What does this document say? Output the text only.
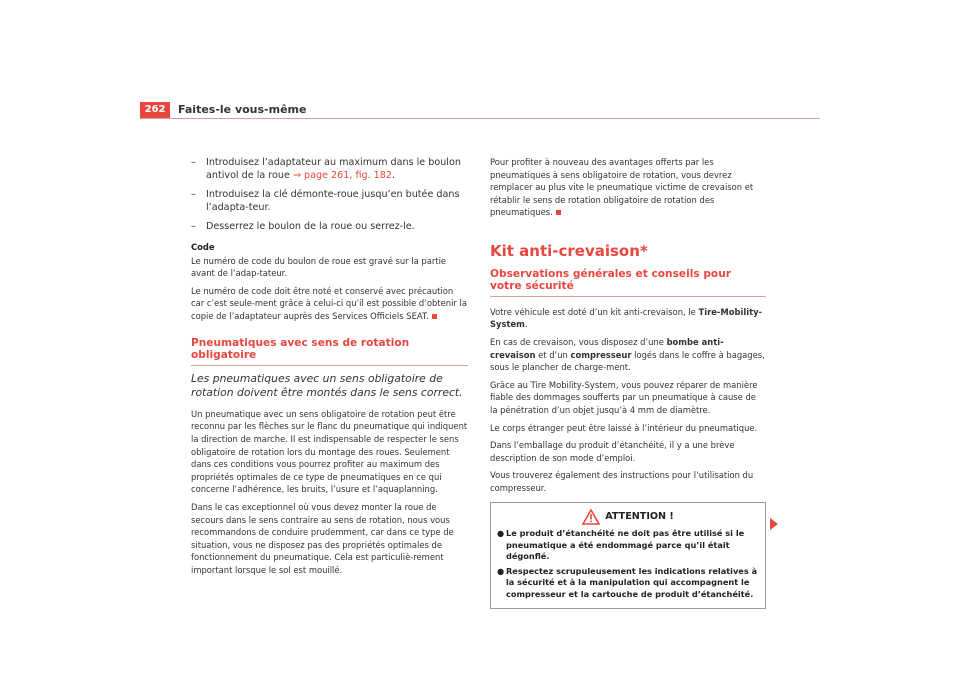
262	Faites-le vous-même
– Introduisez l’adaptateur au maximum dans le boulon antivol de la roue ⇒ page 261, fig. 182.
– Introduisez la clé démonte-roue jusqu’en butée dans l’adapta-teur.
– Desserrez le boulon de la roue ou serrez-le.
Code

Le numéro de code du boulon de roue est gravé sur la partie avant de l’adap-tateur.

Le numéro de code doit être noté et conservé avec précaution car c’est seule-ment grâce à celui-ci qu’il est possible d’obtenir la copie de l’adaptateur auprès des Services Officiels SEAT.

Pneumatiques avec sens de rotation obligatoire
Les pneumatiques avec un sens obligatoire de rotation doivent être montés dans le sens correct.

Un pneumatique avec un sens obligatoire de rotation peut être reconnu par les flèches sur le flanc du pneumatique qui indiquent la direction de marche. Il est indispensable de respecter le sens obligatoire de rotation lors du montage des roues. Seulement dans ces conditions vous pourrez profiter au maximum des propriétés optimales de ce type de pneumatiques en ce qui concerne l’adhérence, les bruits, l’usure et l’aquaplanning.

Dans le cas exceptionnel où vous devez monter la roue de secours dans le sens contraire au sens de rotation, nous vous recommandons de conduire prudemment, car dans ce type de situation, vous ne disposez pas des propriétés optimales de fonctionnement du pneumatique. Cela est particuliè-rement important lorsque le sol est mouillé.

Pour profiter à nouveau des avantages offerts par les pneumatiques à sens obligatoire de rotation, vous devrez remplacer au plus vite le pneumatique victime de crevaison et rétablir le sens de rotation obligatoire de rotation des pneumatiques.

Kit anti-crevaison*
Observations générales et conseils pour votre sécurité

Votre véhicule est doté d’un kit anti-crevaison, le Tire-Mobility-System.

En cas de crevaison, vous disposez d’une bombe anti-crevaison et d’un compresseur logés dans le coffre à bagages, sous le plancher de charge-ment.

Grâce au Tire Mobility-System, vous pouvez réparer de manière fiable des dommages soufferts par un pneumatique à cause de la pénétration d’un objet jusqu’à 4 mm de diamètre.

Le corps étranger peut être laissé à l’intérieur du pneumatique.

Dans l’emballage du produit d’étanchéité, il y a une brève description de son mode d’emploi.

Vous trouverez également des instructions pour l’utilisation du compresseur.

ATTENTION !
● Le produit d’étanchéité ne doit pas être utilisé si le pneumatique a été endommagé parce qu’il était dégonflé.
● Respectez scrupuleusement les indications relatives à la sécurité et à la manipulation qui accompagnent le compresseur et la cartouche de produit d’étanchéité.
